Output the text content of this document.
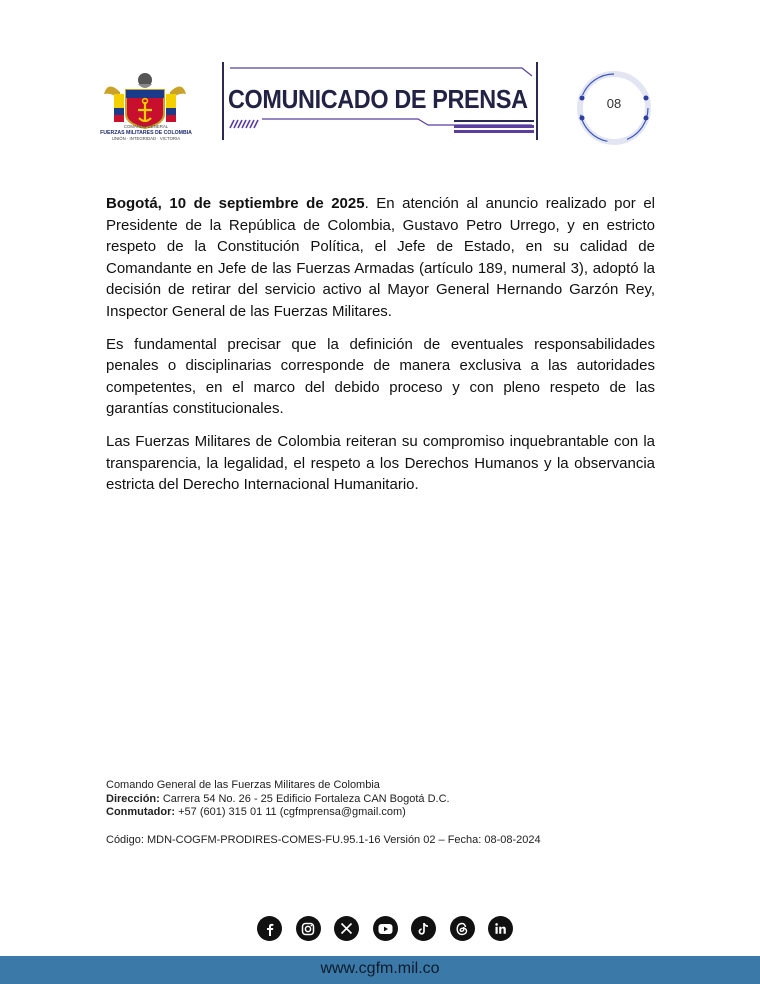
COMANDO GENERAL
FUERZAS MILITARES DE COLOMBIA
UNIÓN · INTEGRIDAD · VICTORIA
COMUNICADO DE PRENSA	08

Bogotá, 10 de septiembre de 2025. En atención al anuncio realizado por el Presidente de la República de Colombia, Gustavo Petro Urrego, y en estricto respeto de la Constitución Política, el Jefe de Estado, en su calidad de Comandante en Jefe de las Fuerzas Armadas (artículo 189, numeral 3), adoptó la decisión de retirar del servicio activo al Mayor General Hernando Garzón Rey, Inspector General de las Fuerzas Militares.

Es fundamental precisar que la definición de eventuales responsabilidades penales o disciplinarias corresponde de manera exclusiva a las autoridades competentes, en el marco del debido proceso y con pleno respeto de las garantías constitucionales.

Las Fuerzas Militares de Colombia reiteran su compromiso inquebrantable con la transparencia, la legalidad, el respeto a los Derechos Humanos y la observancia estricta del Derecho Internacional Humanitario.

Comando General de las Fuerzas Militares de Colombia
Dirección: Carrera 54 No. 26 - 25 Edificio Fortaleza CAN Bogotá D.C.
Conmutador: +57 (601) 315 01 11 (cgfmprensa@gmail.com)
Código: MDN-COGFM-PRODIRES-COMES-FU.95.1-16 Versión 02 – Fecha: 08-08-2024
www.cgfm.mil.co
